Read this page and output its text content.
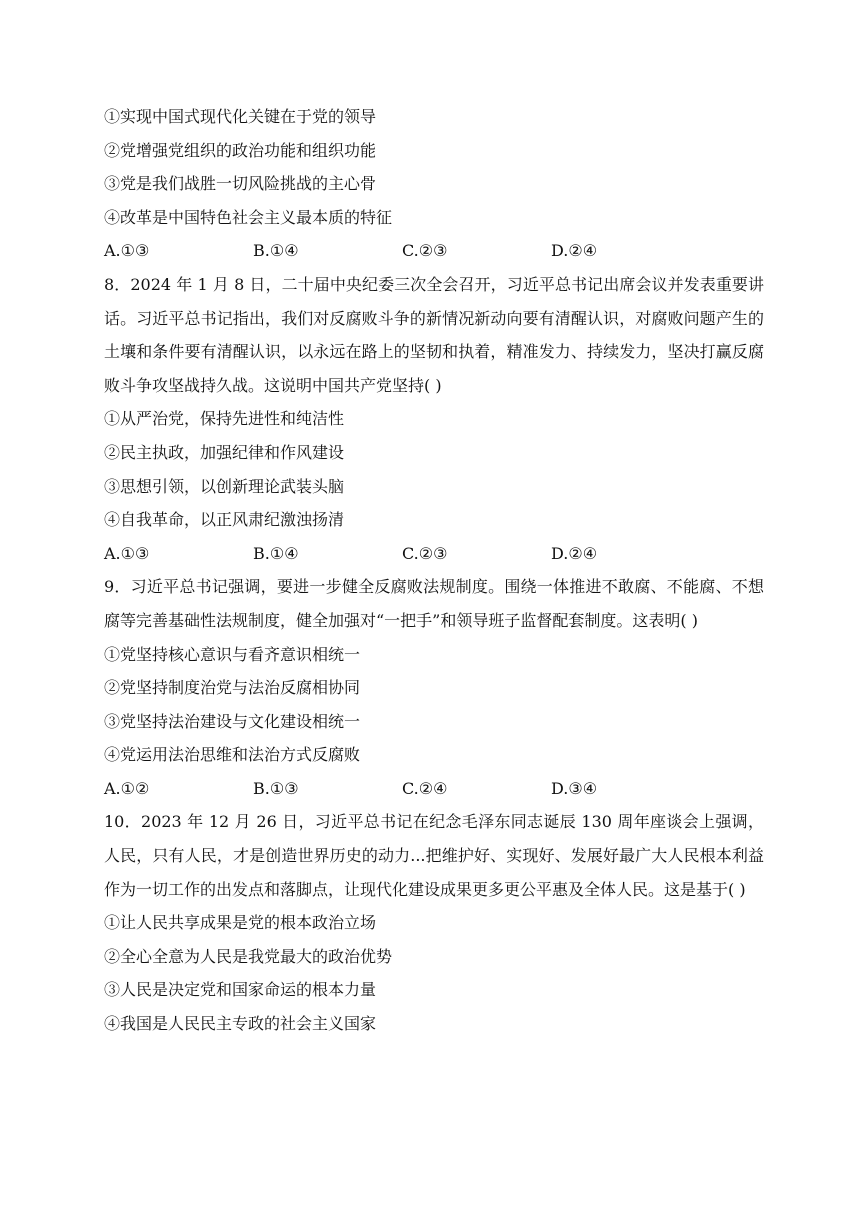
①实现中国式现代化关键在于党的领导
②党增强党组织的政治功能和组织功能
③党是我们战胜一切风险挑战的主心骨
④改革是中国特色社会主义最本质的特征
A.①③	B.①④	C.②③	D.②④
8．2024 年 1 月 8 日，二十届中央纪委三次全会召开，习近平总书记出席会议并发表重要讲话。习近平总书记指出，我们对反腐败斗争的新情况新动向要有清醒认识，对腐败问题产生的土壤和条件要有清醒认识，以永远在路上的坚韧和执着，精准发力、持续发力，坚决打赢反腐败斗争攻坚战持久战。这说明中国共产党坚持( )
①从严治党，保持先进性和纯洁性
②民主执政，加强纪律和作风建设
③思想引领，以创新理论武装头脑
④自我革命，以正风肃纪激浊扬清
A.①③	B.①④	C.②③	D.②④
9．习近平总书记强调，要进一步健全反腐败法规制度。围绕一体推进不敢腐、不能腐、不想腐等完善基础性法规制度，健全加强对“一把手”和领导班子监督配套制度。这表明( )
①党坚持核心意识与看齐意识相统一
②党坚持制度治党与法治反腐相协同
③党坚持法治建设与文化建设相统一
④党运用法治思维和法治方式反腐败
A.①②	B.①③	C.②④	D.③④
10．2023 年 12 月 26 日，习近平总书记在纪念毛泽东同志诞辰 130 周年座谈会上强调，人民，只有人民，才是创造世界历史的动力...把维护好、实现好、发展好最广大人民根本利益作为一切工作的出发点和落脚点，让现代化建设成果更多更公平惠及全体人民。这是基于( )
①让人民共享成果是党的根本政治立场
②全心全意为人民是我党最大的政治优势
③人民是决定党和国家命运的根本力量
④我国是人民民主专政的社会主义国家
